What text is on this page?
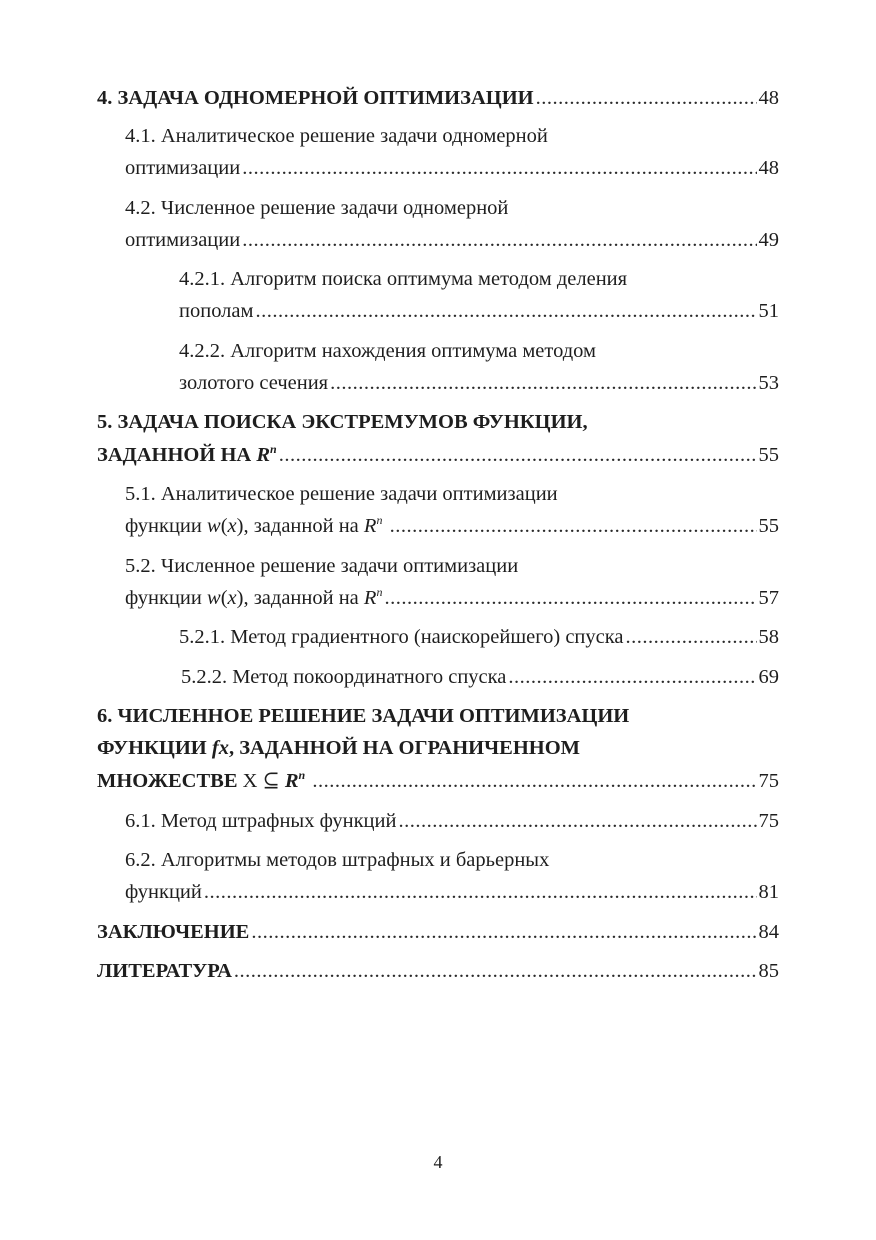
4. ЗАДАЧА ОДНОМЕРНОЙ ОПТИМИЗАЦИИ .....	48
4.1. Аналитическое решение задачи одномерной
оптимизации .....	48
4.2. Численное решение задачи одномерной
оптимизации .....	49
4.2.1. Алгоритм поиска оптимума методом деления
пополам .....	51
4.2.2. Алгоритм нахождения оптимума методом
золотого сечения .....	53
5. ЗАДАЧА ПОИСКА ЭКСТРЕМУМОВ ФУНКЦИИ,
ЗАДАННОЙ НА $R^n$ .....	55
5.1. Аналитическое решение задачи оптимизации
функции w(x), заданной на $R^n$ .....	55
5.2. Численное решение задачи оптимизации
функции w(x), заданной на $R^n$ .....	57
5.2.1. Метод градиентного (наискорейшего) спуска .....	58
5.2.2. Метод покоординатного спуска .....	69
6. ЧИСЛЕННОЕ РЕШЕНИЕ ЗАДАЧИ ОПТИМИЗАЦИИ
ФУНКЦИИ fx, ЗАДАННОЙ НА ОГРАНИЧЕННОМ
МНОЖЕСТВЕ X ⊆ $R^n$ .....	75
6.1. Метод штрафных функций .....	75
6.2. Алгоритмы методов штрафных и барьерных
функций .....	81
ЗАКЛЮЧЕНИЕ .....	84
ЛИТЕРАТУРА .....	85
4
